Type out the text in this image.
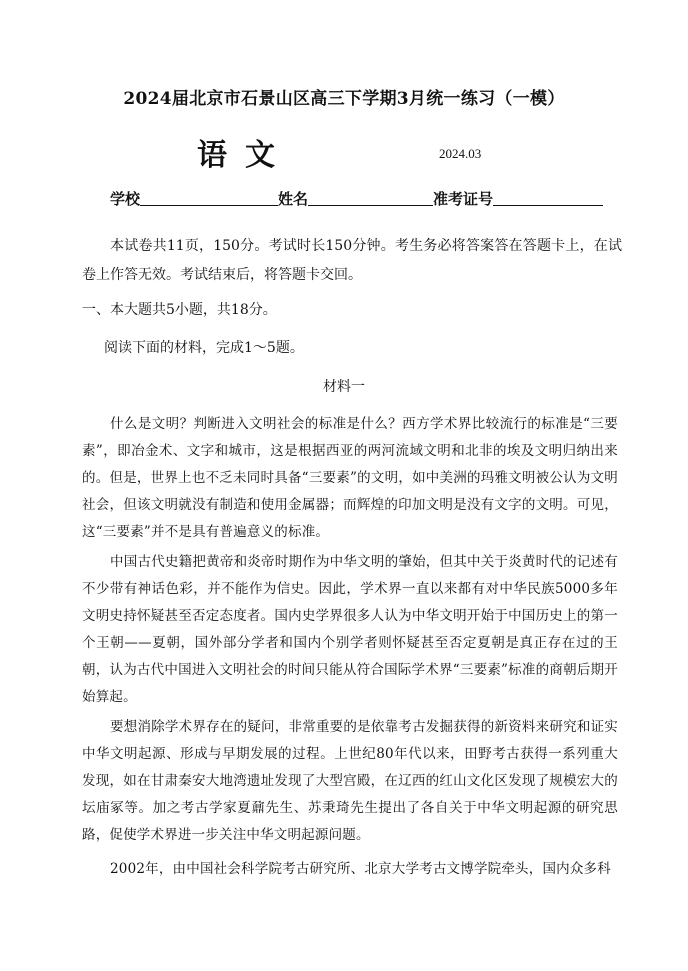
2024届北京市石景山区高三下学期3月统一练习（一模）
语文	2024.03
学校	姓名	准考证号
本试卷共11页，150分。考试时长150分钟。考生务必将答案答在答题卡上，在试卷上作答无效。考试结束后，将答题卡交回。
一、本大题共5小题，共18分。
阅读下面的材料，完成1～5题。
材料一
什么是文明？判断进入文明社会的标准是什么？西方学术界比较流行的标准是“三要素”，即冶金术、文字和城市，这是根据西亚的两河流域文明和北非的埃及文明归纳出来的。但是，世界上也不乏未同时具备“三要素”的文明，如中美洲的玛雅文明被公认为文明社会，但该文明就没有制造和使用金属器；而辉煌的印加文明是没有文字的文明。可见，这“三要素”并不是具有普遍意义的标准。
中国古代史籍把黄帝和炎帝时期作为中华文明的肇始，但其中关于炎黄时代的记述有不少带有神话色彩，并不能作为信史。因此，学术界一直以来都有对中华民族5000多年文明史持怀疑甚至否定态度者。国内史学界很多人认为中华文明开始于中国历史上的第一个王朝——夏朝，国外部分学者和国内个别学者则怀疑甚至否定夏朝是真正存在过的王朝，认为古代中国进入文明社会的时间只能从符合国际学术界“三要素”标准的商朝后期开始算起。
要想消除学术界存在的疑问，非常重要的是依靠考古发掘获得的新资料来研究和证实中华文明起源、形成与早期发展的过程。上世纪80年代以来，田野考古获得一系列重大发现，如在甘肃秦安大地湾遗址发现了大型宫殿，在辽西的红山文化区发现了规模宏大的坛庙冢等。加之考古学家夏鼐先生、苏秉琦先生提出了各自关于中华文明起源的研究思路，促使学术界进一步关注中华文明起源问题。
2002年，由中国社会科学院考古研究所、北京大学考古文博学院牵头，国内众多科
